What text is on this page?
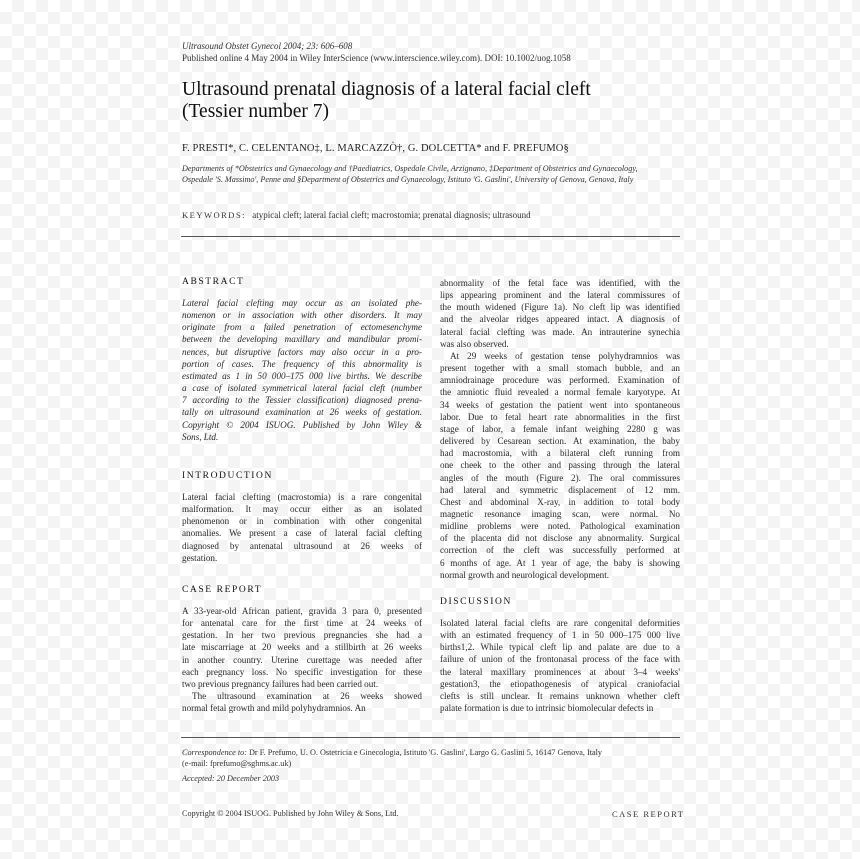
Ultrasound Obstet Gynecol 2004; 23: 606–608
Published online 4 May 2004 in Wiley InterScience (www.interscience.wiley.com). DOI: 10.1002/uog.1058
Ultrasound prenatal diagnosis of a lateral facial cleft
(Tessier number 7)
F. PRESTI*, C. CELENTANO‡, L. MARCAZZÒ†, G. DOLCETTA* and F. PREFUMO§
Departments of *Obstetrics and Gynaecology and †Paediatrics, Ospedale Civile, Arzignano, ‡Department of Obstetrics and Gynaecology,
Ospedale 'S. Massimo', Penne and §Department of Obstetrics and Gynaecology, Istituto 'G. Gaslini', University of Genova, Genova, Italy
KEYWORDS: atypical cleft; lateral facial cleft; macrostomia; prenatal diagnosis; ultrasound
ABSTRACT
Lateral facial clefting may occur as an isolated phe-
nomenon or in association with other disorders. It may
originate from a failed penetration of ectomesenchyme
between the developing maxillary and mandibular promi-
nences, but disruptive factors may also occur in a pro-
portion of cases. The frequency of this abnormality is
estimated as 1 in 50 000–175 000 live births. We describe
a case of isolated symmetrical lateral facial cleft (number
7 according to the Tessier classification) diagnosed prena-
tally on ultrasound examination at 26 weeks of gestation.
Copyright © 2004 ISUOG. Published by John Wiley &
Sons, Ltd.
INTRODUCTION
Lateral facial clefting (macrostomia) is a rare congenital
malformation. It may occur either as an isolated
phenomenon or in combination with other congenital
anomalies. We present a case of lateral facial clefting
diagnosed by antenatal ultrasound at 26 weeks of
gestation.
CASE REPORT
A 33-year-old African patient, gravida 3 para 0, presented
for antenatal care for the first time at 24 weeks of
gestation. In her two previous pregnancies she had a
late miscarriage at 20 weeks and a stillbirth at 26 weeks
in another country. Uterine curettage was needed after
each pregnancy loss. No specific investigation for these
two previous pregnancy failures had been carried out.
The ultrasound examination at 26 weeks showed
normal fetal growth and mild polyhydramnios. An
abnormality of the fetal face was identified, with the
lips appearing prominent and the lateral commissures of
the mouth widened (Figure 1a). No cleft lip was identified
and the alveolar ridges appeared intact. A diagnosis of
lateral facial clefting was made. An intrauterine synechia
was also observed.
At 29 weeks of gestation tense polyhydramnios was
present together with a small stomach bubble, and an
amniodrainage procedure was performed. Examination of
the amniotic fluid revealed a normal female karyotype. At
34 weeks of gestation the patient went into spontaneous
labor. Due to fetal heart rate abnormalities in the first
stage of labor, a female infant weighing 2280 g was
delivered by Cesarean section. At examination, the baby
had macrostomia, with a bilateral cleft running from
one cheek to the other and passing through the lateral
angles of the mouth (Figure 2). The oral commissures
had lateral and symmetric displacement of 12 mm.
Chest and abdominal X-ray, in addition to total body
magnetic resonance imaging scan, were normal. No
midline problems were noted. Pathological examination
of the placenta did not disclose any abnormality. Surgical
correction of the cleft was successfully performed at
6 months of age. At 1 year of age, the baby is showing
normal growth and neurological development.
DISCUSSION
Isolated lateral facial clefts are rare congenital deformities
with an estimated frequency of 1 in 50 000–175 000 live
births1,2. While typical cleft lip and palate are due to a
failure of union of the frontonasal process of the face with
the lateral maxillary prominences at about 3–4 weeks'
gestation3, the etiopathogenesis of atypical craniofacial
clefts is still unclear. It remains unknown whether cleft
palate formation is due to intrinsic biomolecular defects in
Correspondence to: Dr F. Prefumo, U. O. Ostetricia e Ginecologia, Istituto 'G. Gaslini', Largo G. Gaslini 5, 16147 Genova, Italy
(e-mail: fprefumo@sghms.ac.uk)
Accepted: 20 December 2003
Copyright © 2004 ISUOG. Published by John Wiley & Sons, Ltd.	CASE REPORT
